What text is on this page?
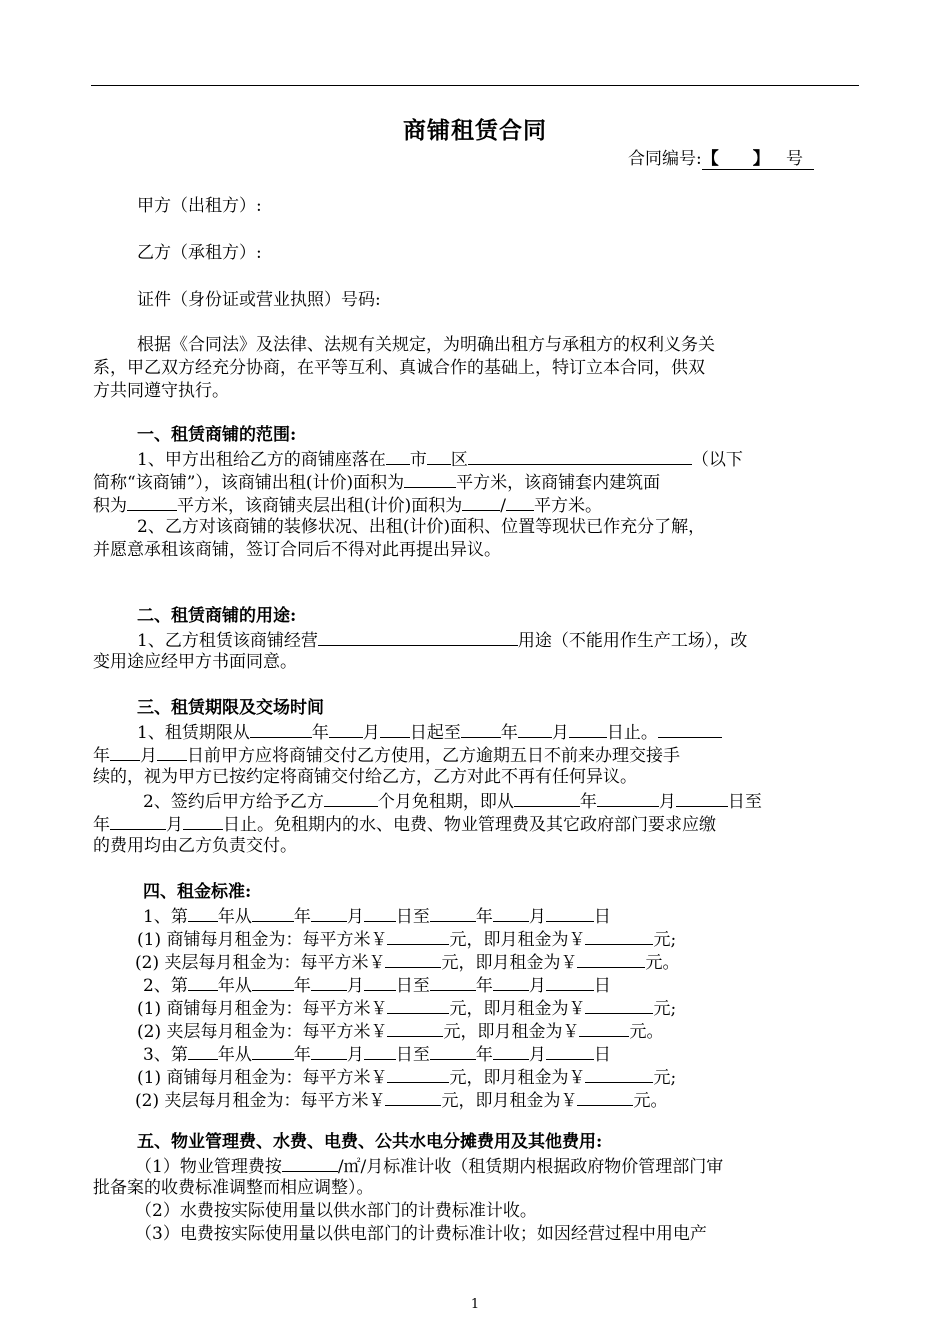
商铺租赁合同
合同编号:【　　】 号
甲方（出租方）:
乙方（承租方）:
证件（身份证或营业执照）号码:
根据《合同法》及法律、法规有关规定，为明确出租方与承租方的权利义务关
系，甲乙双方经充分协商，在平等互利、真诚合作的基础上，特订立本合同，供双
方共同遵守执行。
一、租赁商铺的范围:
1、甲方出租给乙方的商铺座落在 市 区	（以下
简称“该商铺”），该商铺出租(计价)面积为	平方米，该商铺套内建筑面
积为	平方米，该商铺夹层出租(计价)面积为 / 平方米。
2、乙方对该商铺的装修状况、出租(计价)面积、位置等现状已作充分了解，
并愿意承租该商铺，签订合同后不得对此再提出异议。
二、租赁商铺的用途:
1、乙方租赁该商铺经营	用途（不能用作生产工场），改
变用途应经甲方书面同意。
三、租赁期限及交场时间
1、租赁期限从	年 月 日起至 年 月 日止。
年 月 日前甲方应将商铺交付乙方使用，乙方逾期五日不前来办理交接手
续的，视为甲方已按约定将商铺交付给乙方，乙方对此不再有任何异议。
2、签约后甲方给予乙方	个月免租期，即从	年	月	日至
年	月 日止。免租期内的水、电费、物业管理费及其它政府部门要求应缴
的费用均由乙方负责交付。
四、租金标准:
1、第 年从 年 月 日至	年 月	日
(1) 商铺每月租金为：每平方米￥	元，即月租金为￥	元;
(2) 夹层每月租金为：每平方米￥	元，即月租金为￥	元。
2、第 年从 年 月 日至	年 月	日
(1) 商铺每月租金为：每平方米￥	元，即月租金为￥	元;
(2) 夹层每月租金为：每平方米￥	元，即月租金为￥	元。
3、第 年从 年 月 日至	年 月	日
(1) 商铺每月租金为：每平方米￥	元，即月租金为￥	元;
(2) 夹层每月租金为：每平方米￥	元，即月租金为￥	元。
五、物业管理费、水费、电费、公共水电分摊费用及其他费用:
（1）物业管理费按	/㎡/月标准计收（租赁期内根据政府物价管理部门审
批备案的收费标准调整而相应调整）。
（2）水费按实际使用量以供水部门的计费标准计收。
（3）电费按实际使用量以供电部门的计费标准计收；如因经营过程中用电产
1
